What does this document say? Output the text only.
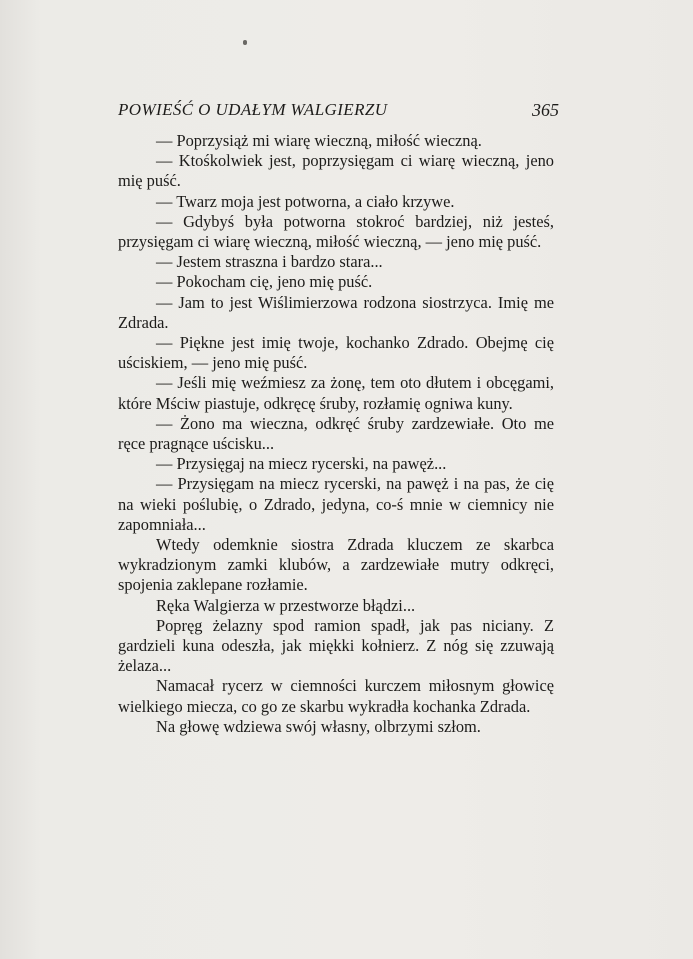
POWIEŚĆ O UDAŁYM WALGIERZU	365

— Poprzysiąż mi wiarę wieczną, miłość wieczną.

— Ktośkolwiek jest, poprzysięgam ci wiarę wieczną, jeno mię puść.

— Twarz moja jest potworna, a ciało krzywe.

— Gdybyś była potworna stokroć bardziej, niż jesteś, przysięgam ci wiarę wieczną, miłość wieczną, — jeno mię puść.

— Jestem straszna i bardzo stara...

— Pokocham cię, jeno mię puść.

— Jam to jest Wiślimierzowa rodzona siostrzyca. Imię me Zdrada.

— Piękne jest imię twoje, kochanko Zdrado. Obejmę cię uściskiem, — jeno mię puść.

— Jeśli mię weźmiesz za żonę, tem oto dłutem i obcęgami, które Mściw piastuje, odkręcę śruby, rozłamię ogniwa kuny.

— Żono ma wieczna, odkręć śruby zardzewiałe. Oto me ręce pragnące uścisku...

— Przysięgaj na miecz rycerski, na pawęż...

— Przysięgam na miecz rycerski, na pawęż i na pas, że cię na wieki poślubię, o Zdrado, jedyna, co-ś mnie w ciemnicy nie zapomniała...

Wtedy odemknie siostra Zdrada kluczem ze skarbca wykradzionym zamki klubów, a zardzewiałe mutry odkręci, spojenia zaklepane rozłamie.

Ręka Walgierza w przestworze błądzi...

Popręg żelazny spod ramion spadł, jak pas niciany. Z gardzieli kuna odeszła, jak miękki kołnierz. Z nóg się zzuwają żelaza...

Namacał rycerz w ciemności kurczem miłosnym głowicę wielkiego miecza, co go ze skarbu wykradła kochanka Zdrada.

Na głowę wdziewa swój własny, olbrzymi szłom.
